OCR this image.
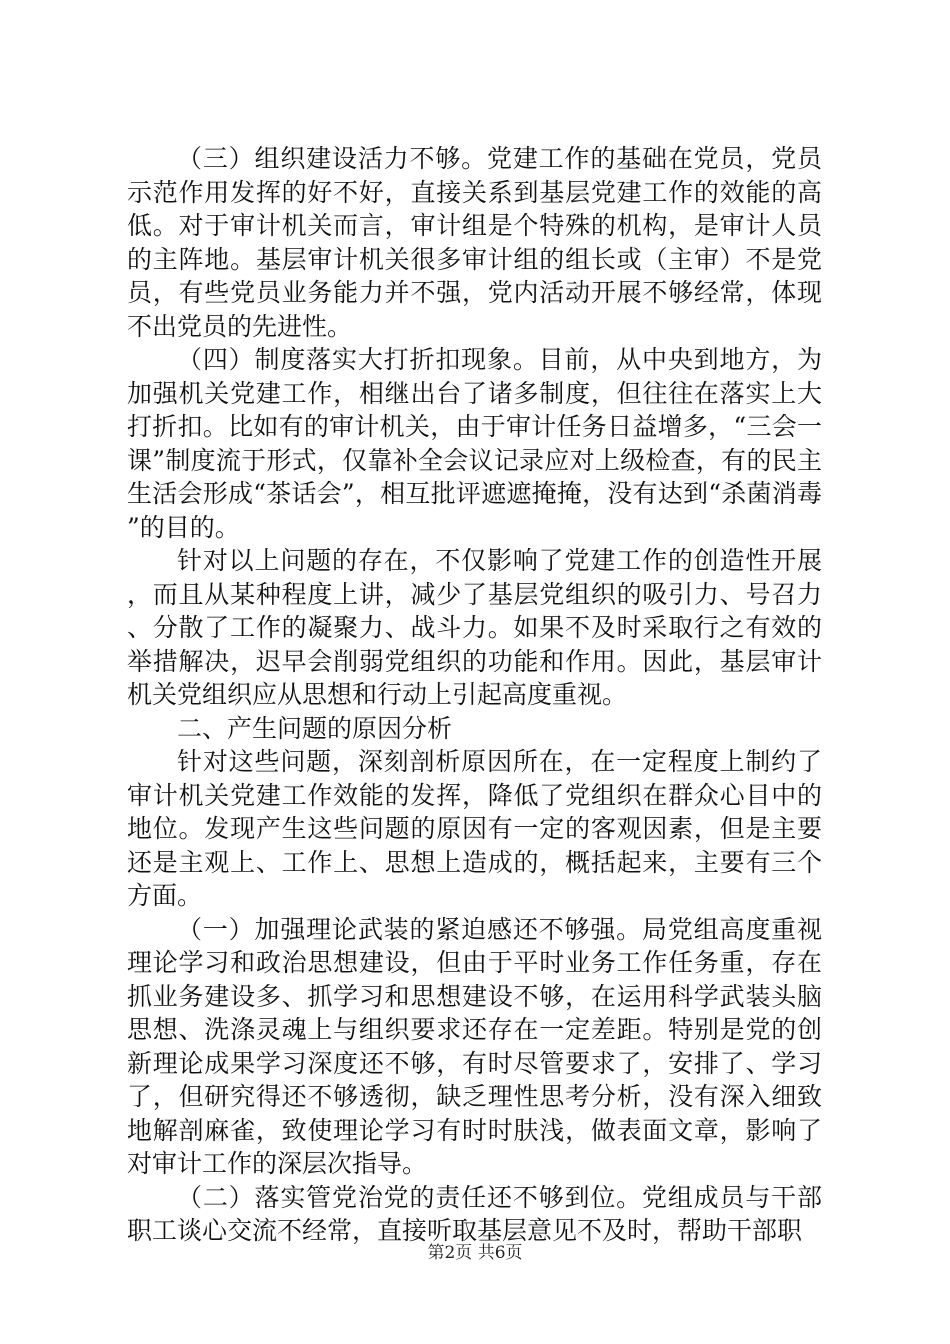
（三）组织建设活力不够。党建工作的基础在党员，党员示范作用发挥的好不好，直接关系到基层党建工作的效能的高低。对于审计机关而言，审计组是个特殊的机构，是审计人员的主阵地。基层审计机关很多审计组的组长或（主审）不是党员，有些党员业务能力并不强，党内活动开展不够经常，体现不出党员的先进性。

（四）制度落实大打折扣现象。目前，从中央到地方，为加强机关党建工作，相继出台了诸多制度，但往往在落实上大打折扣。比如有的审计机关，由于审计任务日益增多，“三会一课”制度流于形式，仅靠补全会议记录应对上级检查，有的民主生活会形成“茶话会”，相互批评遮遮掩掩，没有达到“杀菌消毒”的目的。

针对以上问题的存在，不仅影响了党建工作的创造性开展，而且从某种程度上讲，减少了基层党组织的吸引力、号召力、分散了工作的凝聚力、战斗力。如果不及时采取行之有效的举措解决，迟早会削弱党组织的功能和作用。因此，基层审计机关党组织应从思想和行动上引起高度重视。

二、产生问题的原因分析

针对这些问题，深刻剖析原因所在，在一定程度上制约了审计机关党建工作效能的发挥，降低了党组织在群众心目中的地位。发现产生这些问题的原因有一定的客观因素，但是主要还是主观上、工作上、思想上造成的，概括起来，主要有三个方面。

（一）加强理论武装的紧迫感还不够强。局党组高度重视理论学习和政治思想建设，但由于平时业务工作任务重，存在抓业务建设多、抓学习和思想建设不够，在运用科学武装头脑思想、洗涤灵魂上与组织要求还存在一定差距。特别是党的创新理论成果学习深度还不够，有时尽管要求了，安排了、学习了，但研究得还不够透彻，缺乏理性思考分析，没有深入细致地解剖麻雀，致使理论学习有时时肤浅，做表面文章，影响了对审计工作的深层次指导。

（二）落实管党治党的责任还不够到位。党组成员与干部职工谈心交流不经常，直接听取基层意见不及时，帮助干部职

第2页 共6页
